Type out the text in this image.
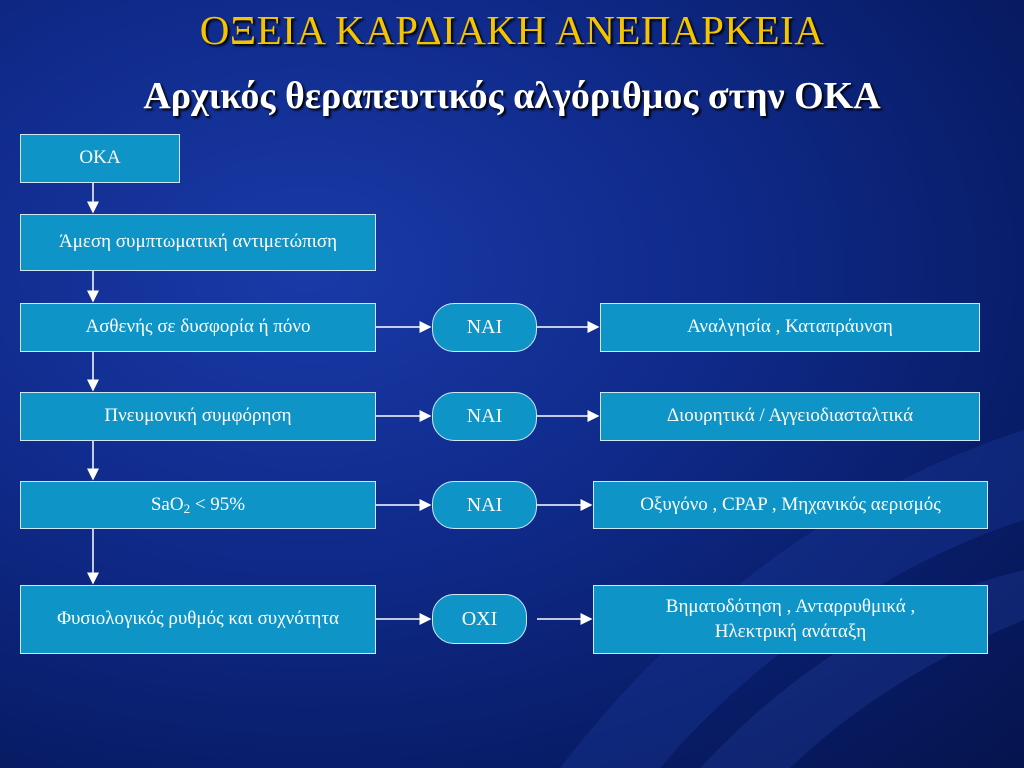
ΟΞΕΙΑ ΚΑΡΔΙΑΚΗ ΑΝΕΠΑΡΚΕΙΑ
Αρχικός θεραπευτικός αλγόριθμος στην ΟΚΑ
ΟΚΑ
Άμεση συμπτωματική αντιμετώπιση
Ασθενής σε δυσφορία ή πόνο
Πνευμονική συμφόρηση
SaO$_2$ < 95%
Φυσιολογικός ρυθμός και συχνότητα
ΝΑΙ
ΝΑΙ
ΝΑΙ
ΟΧΙ
Αναλγησία , Καταπράυνση
Διουρητικά / Αγγειοδιασταλτικά
Οξυγόνο , CPAP , Μηχανικός αερισμός
Βηματοδότηση , Ανταρρυθμικά ,
Ηλεκτρική ανάταξη
